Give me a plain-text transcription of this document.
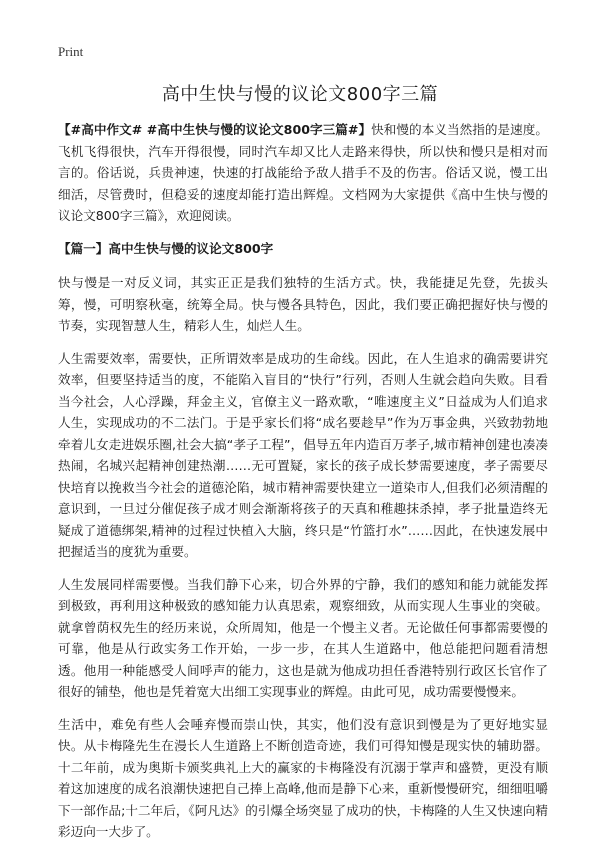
Print
高中生快与慢的议论文800字三篇

【#高中作文# #高中生快与慢的议论文800字三篇#】快和慢的本义当然指的是速度。飞机飞得很快，汽车开得很慢，同时汽车却又比人走路来得快，所以快和慢只是相对而言的。俗话说，兵贵神速，快速的打战能给予敌人措手不及的伤害。俗话又说，慢工出细活，尽管费时，但稳妥的速度却能打造出辉煌。文档网为大家提供《高中生快与慢的议论文800字三篇》，欢迎阅读。

【篇一】高中生快与慢的议论文800字

快与慢是一对反义词，其实正正是我们独特的生活方式。快，我能捷足先登，先拔头筹，慢，可明察秋毫，统筹全局。快与慢各具特色，因此，我们要正确把握好快与慢的节奏，实现智慧人生，精彩人生，灿烂人生。

人生需要效率，需要快，正所谓效率是成功的生命线。因此，在人生追求的确需要讲究效率，但要坚持适当的度，不能陷入盲目的“快行”行列，否则人生就会趋向失败。目看当今社会，人心浮躁，拜金主义，官僚主义一路欢歌，“唯速度主义”日益成为人们追求人生，实现成功的不二法门。于是乎家长们将“成名要趁早”作为万事金典，兴致勃勃地牵着儿女走进娱乐圈,社会大搞“孝子工程”，倡导五年内造百万孝子,城市精神创建也凑凑热闹，名城兴起精神创建热潮……无可置疑，家长的孩子成长梦需要速度，孝子需要尽快培育以挽救当今社会的道德沦陷，城市精神需要快建立一道染市人,但我们必须清醒的意识到，一旦过分催促孩子成才则会渐渐将孩子的天真和稚趣抹杀掉，孝子批量造终无疑成了道德绑架,精神的过程过快植入大脑，终只是“竹篮打水”……因此，在快速发展中把握适当的度犹为重要。

人生发展同样需要慢。当我们静下心来，切合外界的宁静，我们的感知和能力就能发挥到极致，再利用这种极致的感知能力认真思索，观察细致，从而实现人生事业的突破。就拿曾荫权先生的经历来说，众所周知，他是一个慢主义者。无论做任何事都需要慢的可靠，他是从行政实务工作开始，一步一步，在其人生道路中，他总能把问题看清想透。他用一种能感受人间呼声的能力，这也是就为他成功担任香港特别行政区长官作了很好的铺垫，他也是凭着宽大出细工实现事业的辉煌。由此可见，成功需要慢慢来。

生活中，难免有些人会唾弃慢而崇山快，其实，他们没有意识到慢是为了更好地实显快。从卡梅隆先生在漫长人生道路上不断创造奇迹，我们可得知慢是现实快的辅助器。十二年前，成为奥斯卡颁奖典礼上大的赢家的卡梅隆没有沉溺于掌声和盛赞，更没有顺着这加速度的成名浪潮快速把自己捧上高峰,他而是静下心来，重新慢慢研究，细细咀嚼下一部作品;十二年后，《阿凡达》的引爆全场突显了成功的快，卡梅隆的人生又快速向精彩迈向一大步了。
